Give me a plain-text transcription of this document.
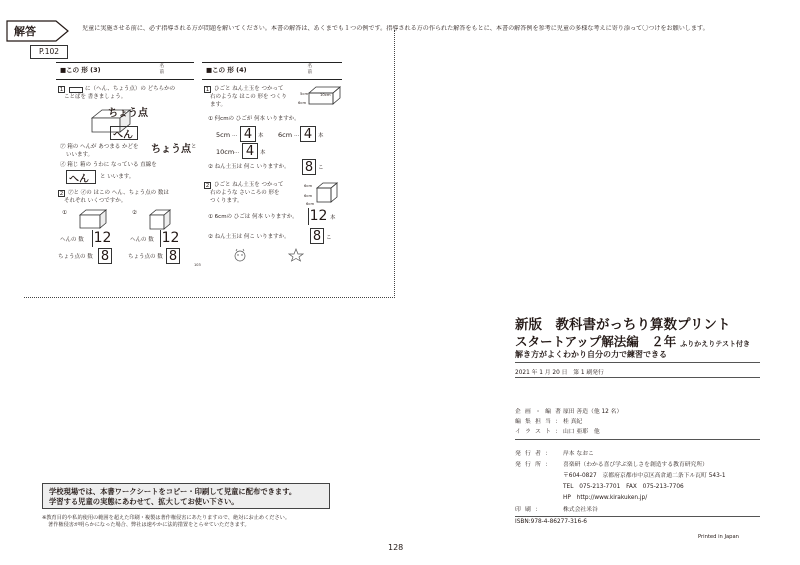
解答	児童に実施させる前に、必ず指導される方が問題を解いてください。本書の解答は、あくまでも１つの例です。指導される方の作られた解答をもとに、本書の解答例を参考に児童の多様な考えに寄り添って〇つけをお願いします。
P.102
■この 形 (3)	名
前
1	に（へん、ちょう点）の どちらかの
ことばを 書きましょう。
ちょう点
へん
㋐ 箱の へんが あつまる かどを ちょう点 と
いいます。
㋑ 箱じ 箱の うわに なっている 直線を
へん と いいます。
2 ㋐と ㋑の はこの へん、ちょう点の 数は
それぞれ いくつですか。
①	②
へんの 数 12	へんの 数 12
ちょう点の 数 8	ちょう点の 数 8
■この 形 (4)	名
前
1 ひごと ねん土玉を つかって
右のような はこの 形を つくり
ます。
5cm
6cm
10cm
① 何cmの ひごが 何本 いりますか。
5cm … 4	本 6cm … 4	本
10cm … 4	本
② ねん土玉は 何こ いりますか。 8 こ
2 ひごと ねん土玉を つかって
右のような さいころの 形を
つくります。
6cm
6cm
6cm
① 6cmの ひごは 何本 いりますか。 12 本
② ねん土玉は 何こ いりますか。 8 こ
103
新版　教科書がっちり算数プリント
スタートアップ解法編　２年 ふりかえりテスト付き
解き方がよくわかり自分の力で練習できる
2021 年 1 月 20 日　第 1 刷発行
企 画 ・ 編 著 ：原田 善造（他 12 名）
編 集 担 当 ：桂 真紀
イ ラ ス ト ：山口 亜耶　他
発 行 者 ： 岸本 なおこ
発 行 所 ： 喜楽研（わかる喜び学ぶ楽しさを創造する教育研究所）
〒604-0827　京都府京都市中京区高倉通二条下ル瓦町 543-1
TEL　075-213-7701　FAX　075-213-7706
HP　http://www.kirakuken.jp/
印 刷 ：	株式会社米谷
ISBN:978-4-86277-316-6
Printed in Japan
学校現場では、本書ワークシートをコピー・印刷して児童に配布できます。
学習する児童の実態にあわせて、拡大してお使い下さい。
※教育目的や私的使用の範囲を超えた印刷・複製は著作権侵害にあたりますので、絶対にお止めください。
著作権侵害が明らかになった場合、弊社は速やかに法的措置をとらせていただきます。
128
